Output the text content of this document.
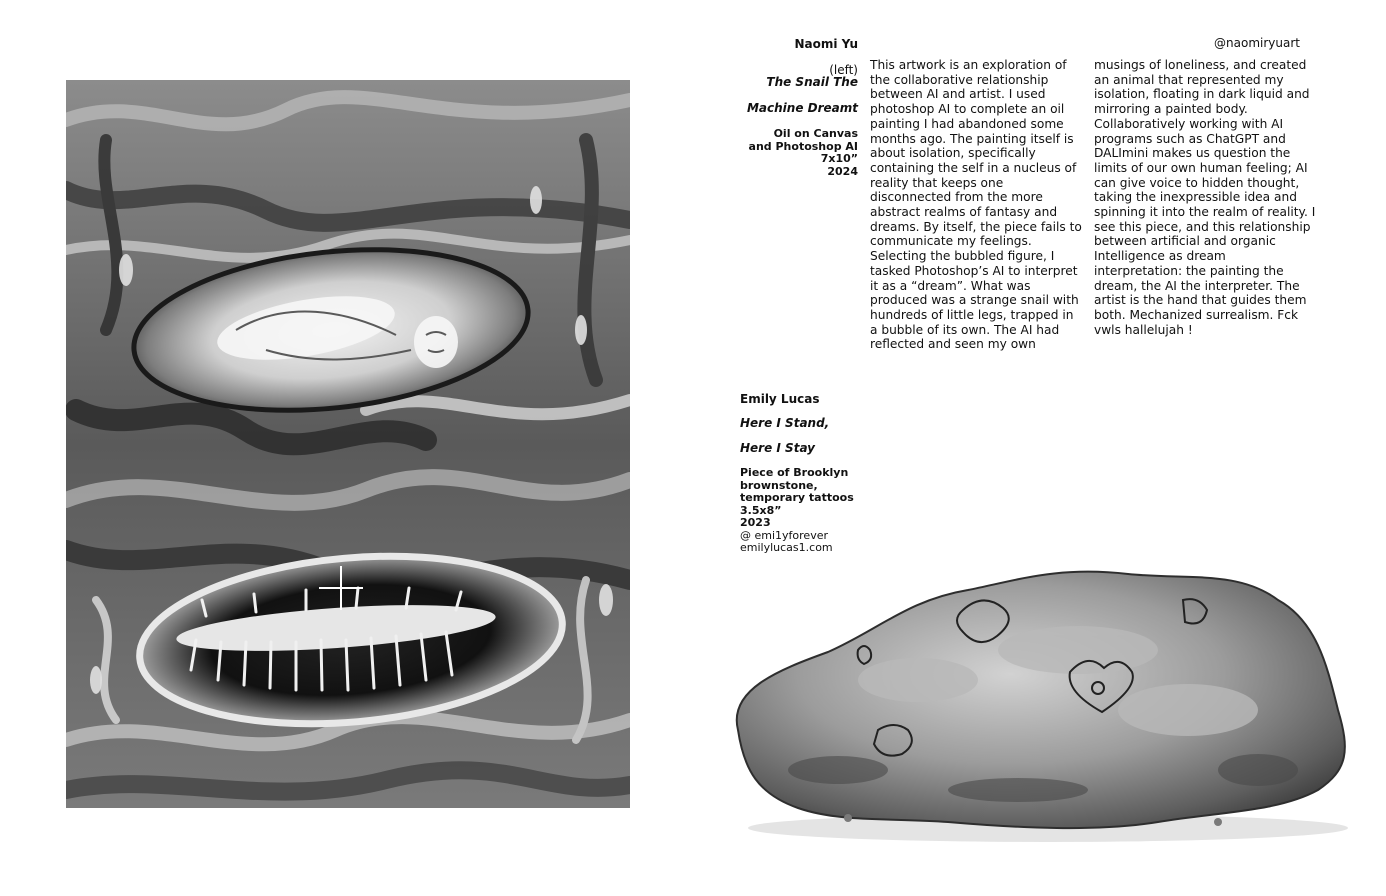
Naomi Yu
(left)
The Snail The
Machine Dreamt
Oil on Canvas
and Photoshop AI
7x10”
2024
@naomiryuart
This artwork is an exploration of the collaborative relationship between AI and artist. I used photoshop AI to complete an oil painting I had abandoned some months ago. The painting itself is about isolation, specifically containing the self in a nucleus of reality that keeps one disconnected from the more abstract realms of fantasy and dreams. By itself, the piece fails to communicate my feelings. Selecting the bubbled figure, I tasked Photoshop’s AI to interpret it as a “dream”. What was produced was a strange snail with hundreds of little legs, trapped in a bubble of its own. The AI had reflected and seen my own
musings of loneliness, and created an animal that represented my isolation, floating in dark liquid and mirroring a painted body. Collaboratively working with AI programs such as ChatGPT and DALImini makes us question the limits of our own human feeling; AI can give voice to hidden thought, taking the inexpressible idea and spinning it into the realm of reality. I see this piece, and this relationship between artificial and organic Intelligence as dream interpretation: the painting the dream, the AI the interpreter. The artist is the hand that guides them both. Mechanized surrealism. Fck vwls hallelujah !
Emily Lucas
Here I Stand,
Here I Stay
Piece of Brooklyn
brownstone,
temporary tattoos
3.5x8”
2023
@ emi1yforever
emilylucas1.com
